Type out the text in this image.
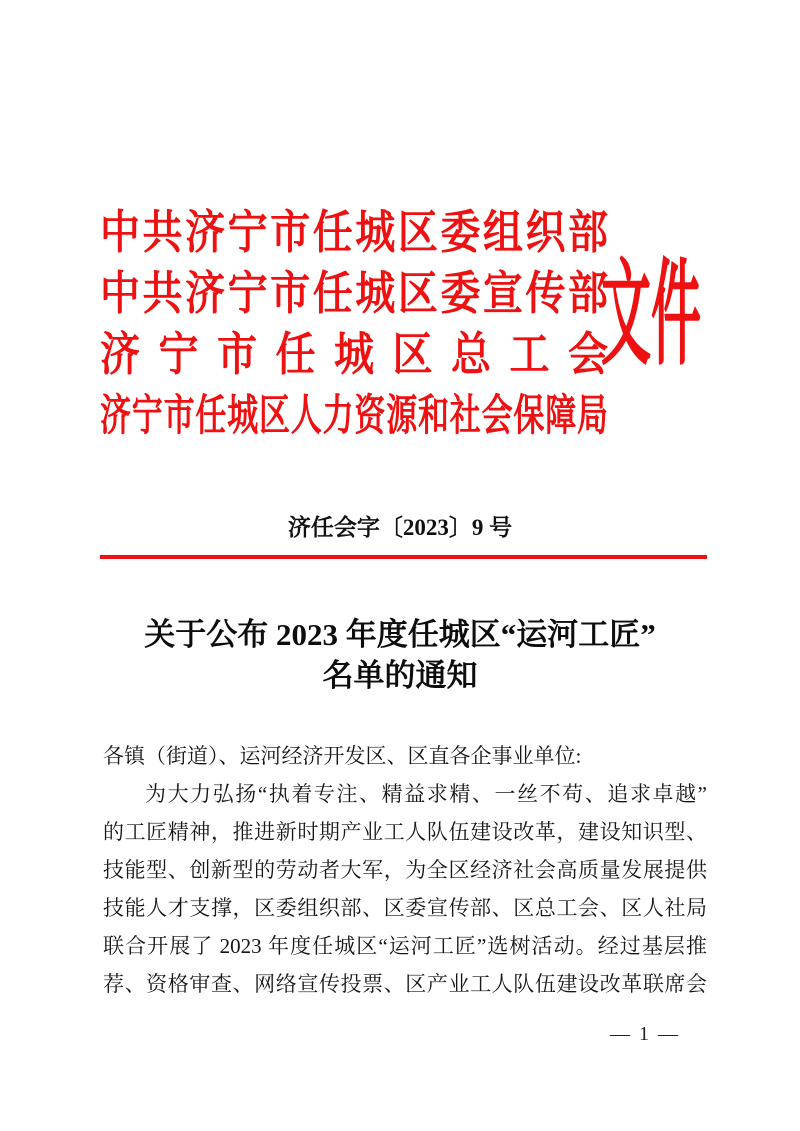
中共济宁市任城区委组织部
中共济宁市任城区委宣传部
济宁市任城区总工会
济宁市任城区人力资源和社会保障局
文件
济任会字〔2023〕9 号
关于公布 2023 年度任城区“运河工匠”
名单的通知
各镇（街道）、运河经济开发区、区直各企事业单位:
为大力弘扬“执着专注、精益求精、一丝不苟、追求卓越”
的工匠精神，推进新时期产业工人队伍建设改革，建设知识型、
技能型、创新型的劳动者大军，为全区经济社会高质量发展提供
技能人才支撑，区委组织部、区委宣传部、区总工会、区人社局
联合开展了 2023 年度任城区“运河工匠”选树活动。经过基层推
荐、资格审查、网络宣传投票、区产业工人队伍建设改革联席会
— 1 —
